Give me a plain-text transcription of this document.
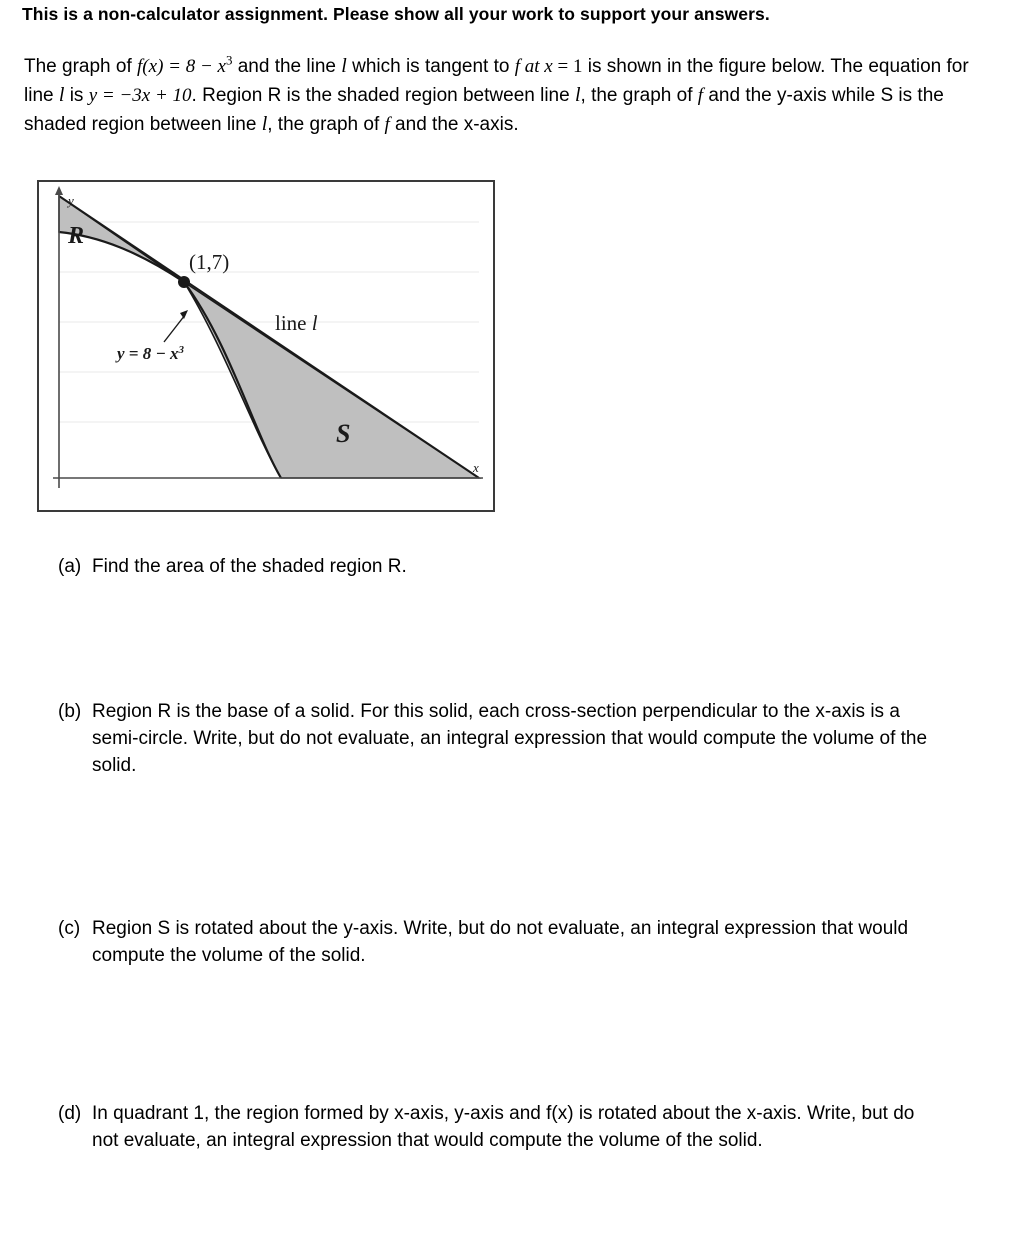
This is a non-calculator assignment. Please show all your work to support your answers.
The graph of $f(x) = 8 - x^3$ and the line l which is tangent to f at x = 1 is shown in the figure below. The equation for line l is y = −3x + 10. Region R is the shaded region between line l, the graph of f and the y-axis while S is the shaded region between line l, the graph of f and the x-axis.
y
x
R
S
(1,7)
line l
$y = 8 - x^3$
(a) Find the area of the shaded region R.
(b) Region R is the base of a solid. For this solid, each cross-section perpendicular to the x-axis is a semi-circle. Write, but do not evaluate, an integral expression that would compute the volume of the solid.
(c) Region S is rotated about the y-axis. Write, but do not evaluate, an integral expression that would compute the volume of the solid.
(d) In quadrant 1, the region formed by x-axis, y-axis and f(x) is rotated about the x-axis. Write, but do not evaluate, an integral expression that would compute the volume of the solid.
